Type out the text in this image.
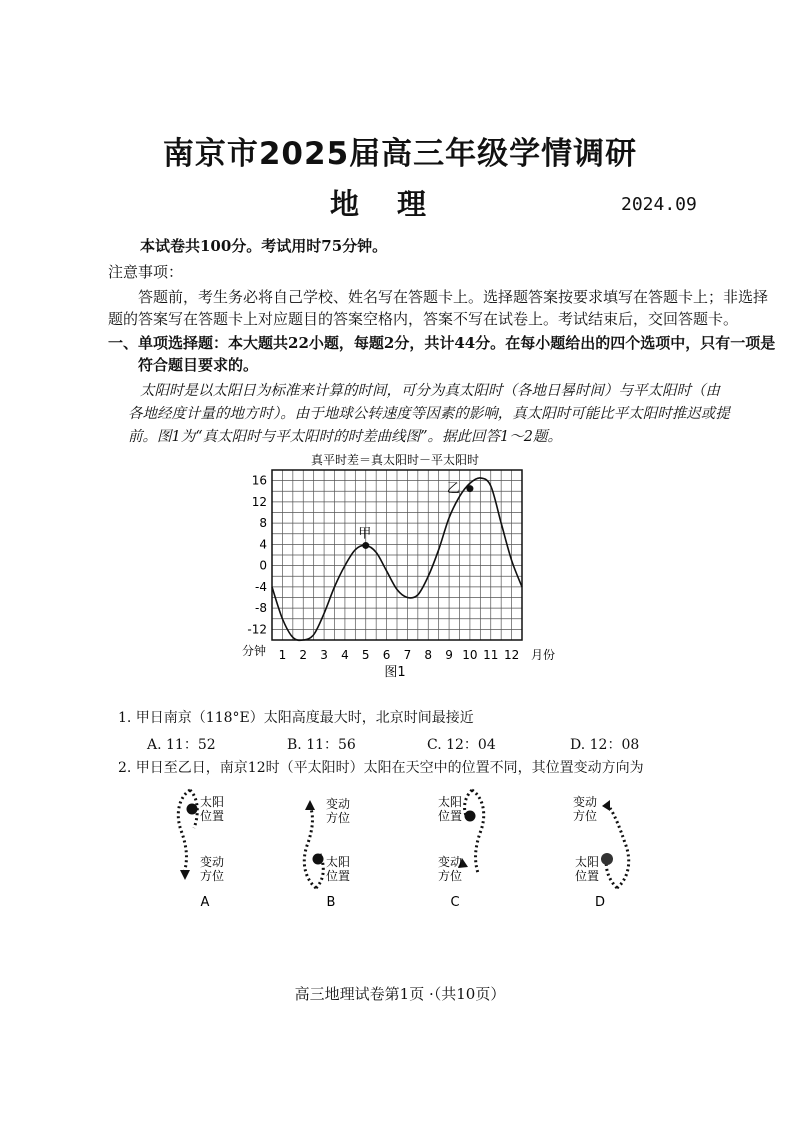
南京市2025届高三年级学情调研
地理	2024.09
本试卷共100分。考试用时75分钟。
注意事项：
答题前，考生务必将自己学校、姓名写在答题卡上。选择题答案按要求填写在答题卡上；非选择
题的答案写在答题卡上对应题目的答案空格内，答案不写在试卷上。考试结束后，交回答题卡。
一、单项选择题：本大题共22小题，每题2分，共计44分。在每小题给出的四个选项中，只有一项是
符合题目要求的。
太阳时是以太阳日为标准来计算的时间，可分为真太阳时（各地日晷时间）与平太阳时（由
各地经度计量的地方时）。由于地球公转速度等因素的影响，真太阳时可能比平太阳时推迟或提
前。图1为“真太阳时与平太阳时的时差曲线图”。据此回答1～2题。
真平时差＝真太阳时－平太阳时
16
12
8
4
0
-4
-8
-12
1 2 3 4 5 6 7 8 9 10 11 12
甲
乙
分钟	月份
图1
1. 甲日南京（118°E）太阳高度最大时，北京时间最接近
A. 11：52	B. 11：56	C. 12：04	D. 12：08
2. 甲日至乙日，南京12时（平太阳时）太阳在天空中的位置不同，其位置变动方向为
太阳
位置
变动
方位
A
变动
方位
太阳
位置
B
太阳
位置
变动
方位
C
变动
方位
太阳
位置
D
高三地理试卷第1页 ·（共10页）
